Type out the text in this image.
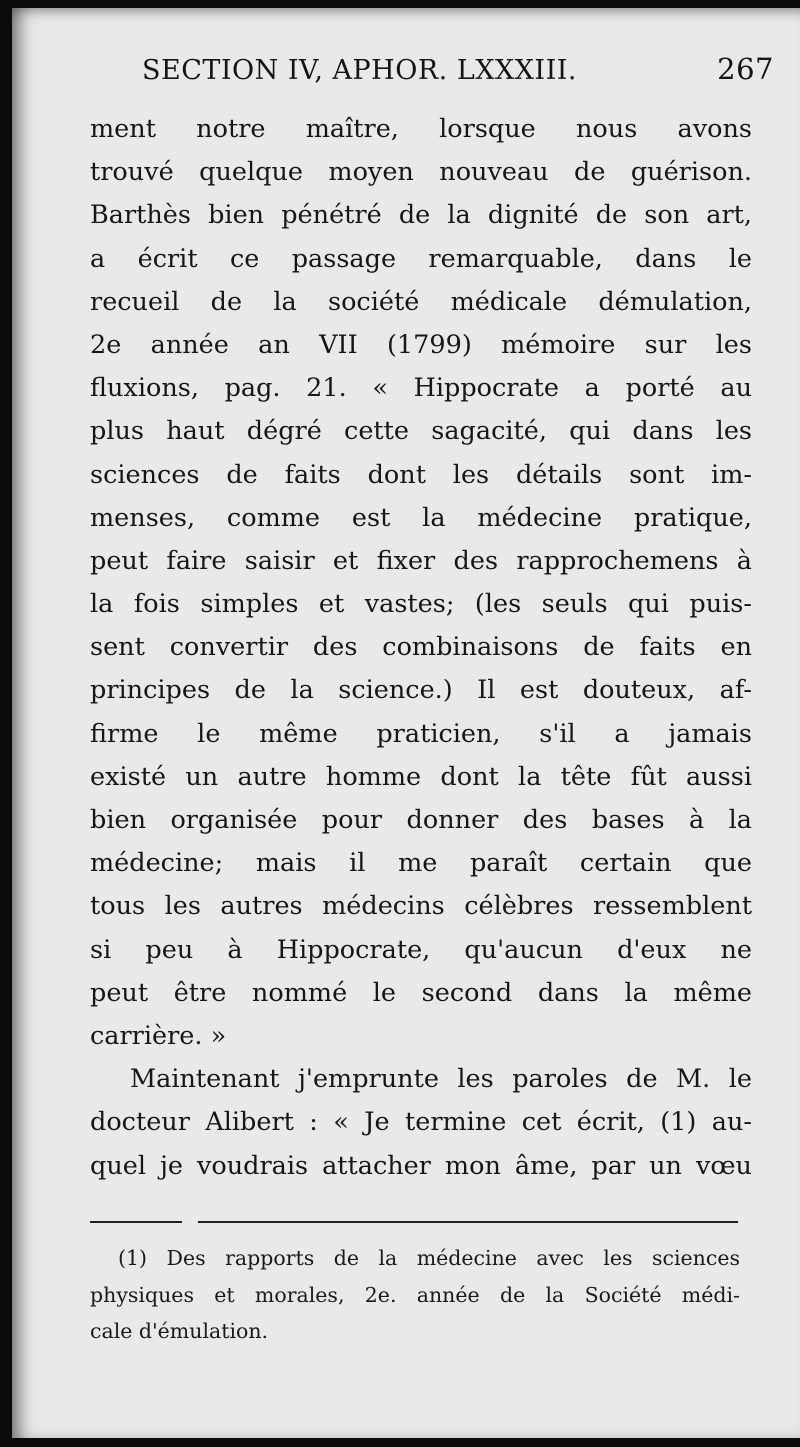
SECTION IV, APHOR. LXXXIII.	267
ment notre maître, lorsque nous avons
trouvé quelque moyen nouveau de guérison.
Barthès bien pénétré de la dignité de son art,
a écrit ce passage remarquable, dans le
recueil de la société médicale démulation,
2e année an VII (1799) mémoire sur les
fluxions, pag. 21. « Hippocrate a porté au
plus haut dégré cette sagacité, qui dans les
sciences de faits dont les détails sont im-
menses, comme est la médecine pratique,
peut faire saisir et fixer des rapprochemens à
la fois simples et vastes; (les seuls qui puis-
sent convertir des combinaisons de faits en
principes de la science.) Il est douteux, af-
firme le même praticien, s'il a jamais
existé un autre homme dont la tête fût aussi
bien organisée pour donner des bases à la
médecine; mais il me paraît certain que
tous les autres médecins célèbres ressemblent
si peu à Hippocrate, qu'aucun d'eux ne
peut être nommé le second dans la même
carrière. »
Maintenant j'emprunte les paroles de M. le
docteur Alibert : « Je termine cet écrit, (1) au-
quel je voudrais attacher mon âme, par un vœu
(1) Des rapports de la médecine avec les sciences
physiques et morales, 2e. année de la Société médi-
cale d'émulation.
